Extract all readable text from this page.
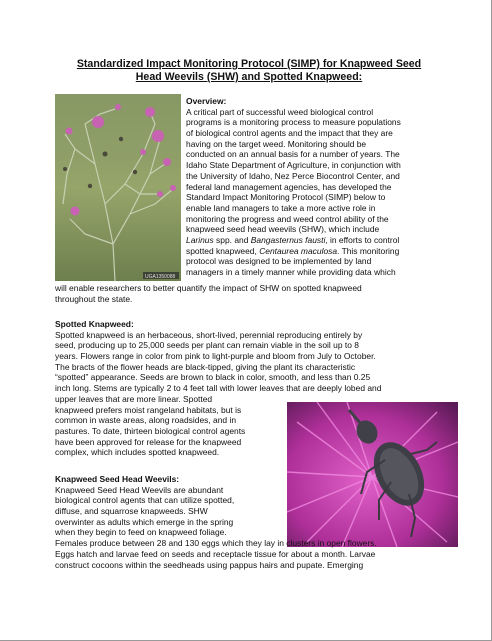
Standardized Impact Monitoring Protocol (SIMP) for Knapweed Seed
Head Weevils (SHW) and Spotted Knapweed:
UGA1350088
Overview:
A critical part of successful weed biological control
programs is a monitoring process to measure populations
of biological control agents and the impact that they are
having on the target weed. Monitoring should be
conducted on an annual basis for a number of years. The
Idaho State Department of Agriculture, in conjunction with
the University of Idaho, Nez Perce Biocontrol Center, and
federal land management agencies, has developed the
Standard Impact Monitoring Protocol (SIMP) below to
enable land managers to take a more active role in
monitoring the progress and weed control ability of the
knapweed seed head weevils (SHW), which include
Larinus spp. and Bangasternus fausti, in efforts to control
spotted knapweed, Centaurea maculosa. This monitoring
protocol was designed to be implemented by land
managers in a timely manner while providing data which
will enable researchers to better quantify the impact of SHW on spotted knapweed
throughout the state.
Spotted Knapweed:
Spotted knapweed is an herbaceous, short-lived, perennial reproducing entirely by
seed, producing up to 25,000 seeds per plant can remain viable in the soil up to 8
years. Flowers range in color from pink to light-purple and bloom from July to October.
The bracts of the flower heads are black-tipped, giving the plant its characteristic
“spotted” appearance. Seeds are brown to black in color, smooth, and less than 0.25
inch long. Stems are typically 2 to 4 feet tall with lower leaves that are deeply lobed and
upper leaves that are more linear. Spotted
knapweed prefers moist rangeland habitats, but is
common in waste areas, along roadsides, and in
pastures. To date, thirteen biological control agents
have been approved for release for the knapweed
complex, which includes spotted knapweed.
Knapweed Seed Head Weevils:
Knapweed Seed Head Weevils are abundant
biological control agents that can utilize spotted,
diffuse, and squarrose knapweeds. SHW
overwinter as adults which emerge in the spring
when they begin to feed on knapweed foliage.
Females produce between 28 and 130 eggs which they lay in clusters in open flowers.
Eggs hatch and larvae feed on seeds and receptacle tissue for about a month. Larvae
construct cocoons within the seedheads using pappus hairs and pupate. Emerging
